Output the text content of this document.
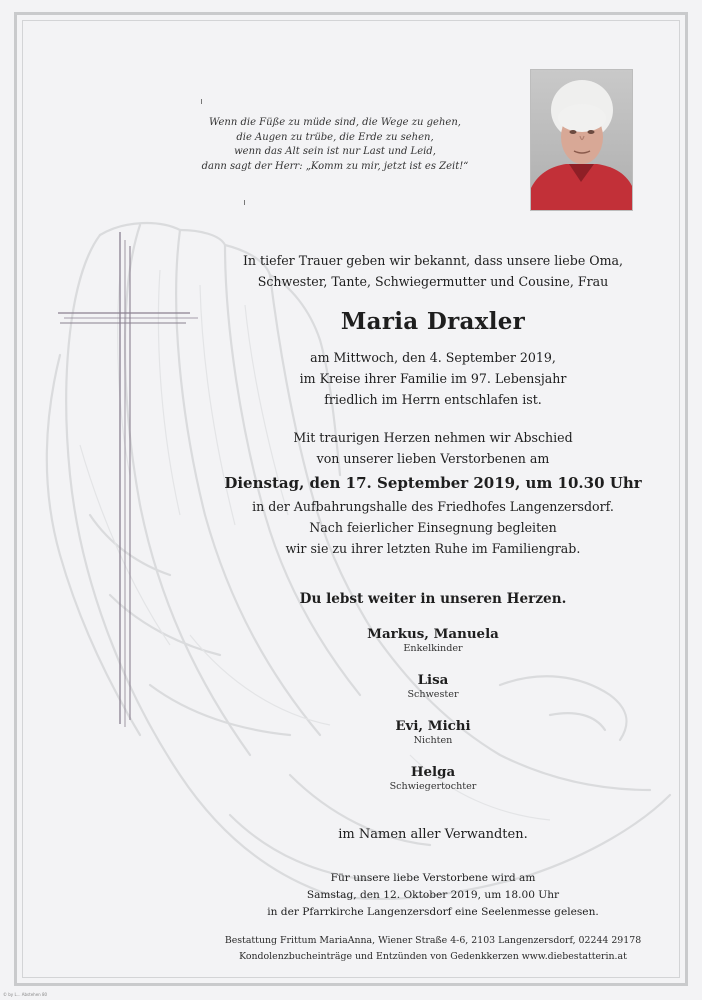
Wenn die Füße zu müde sind, die Wege zu gehen,
die Augen zu trübe, die Erde zu sehen,
wenn das Alt sein ist nur Last und Leid,
dann sagt der Herr: „Komm zu mir, jetzt ist es Zeit!“
In tiefer Trauer geben wir bekannt, dass unsere liebe Oma,
Schwester, Tante, Schwiegermutter und Cousine, Frau
Maria Draxler
am Mittwoch, den 4. September 2019,
im Kreise ihrer Familie im 97. Lebensjahr
friedlich im Herrn entschlafen ist.
Mit traurigen Herzen nehmen wir Abschied
von unserer lieben Verstorbenen am
Dienstag, den 17. September 2019, um 10.30 Uhr
in der Aufbahrungshalle des Friedhofes Langenzersdorf.
Nach feierlicher Einsegnung begleiten
wir sie zu ihrer letzten Ruhe im Familiengrab.
Du lebst weiter in unseren Herzen.
Markus, Manuela
Enkelkinder
Lisa
Schwester
Evi, Michi
Nichten
Helga
Schwiegertochter
im Namen aller Verwandten.
Für unsere liebe Verstorbene wird am
Samstag, den 12. Oktober 2019, um 18.00 Uhr
in der Pfarrkirche Langenzersdorf eine Seelenmesse gelesen.
Bestattung Frittum MariaAnna, Wiener Straße 4-6, 2103 Langenzersdorf, 02244 29178
Kondolenzbucheinträge und Entzünden von Gedenkkerzen www.diebestatterin.at
© by L... Abstehen 80
